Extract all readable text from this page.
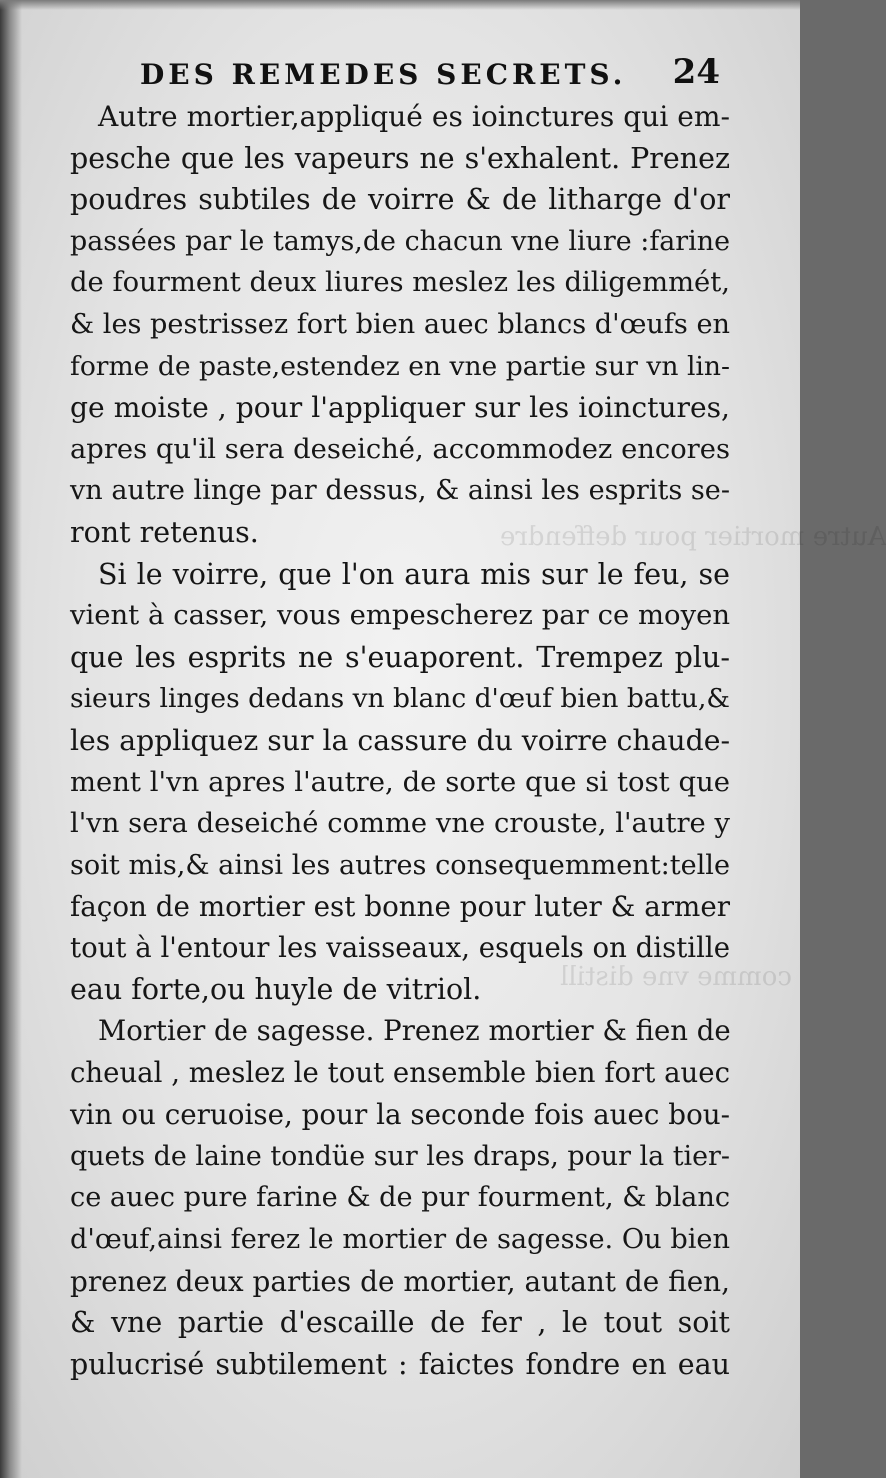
Autre mortier pour deffendre
comme vne distill
DES REMEDES SECRETS. 24

Autre mortier,appliqué es ioinctures qui em-
pesche que les vapeurs ne s'exhalent. Prenez
poudres subtiles de voirre & de litharge d'or
passées par le tamys,de chacun vne liure :farine
de fourment deux liures meslez les diligemmét,
& les pestrissez fort bien auec blancs d'œufs en
forme de paste,estendez en vne partie sur vn lin-
ge moiste , pour l'appliquer sur les ioinctures,
apres qu'il sera deseiché, accommodez encores
vn autre linge par dessus, & ainsi les esprits se-
ront retenus.

Si le voirre, que l'on aura mis sur le feu, se
vient à casser, vous empescherez par ce moyen
que les esprits ne s'euaporent. Trempez plu-
sieurs linges dedans vn blanc d'œuf bien battu,&
les appliquez sur la cassure du voirre chaude-
ment l'vn apres l'autre, de sorte que si tost que
l'vn sera deseiché comme vne crouste, l'autre y
soit mis,& ainsi les autres consequemment:telle
façon de mortier est bonne pour luter & armer
tout à l'entour les vaisseaux, esquels on distille
eau forte,ou huyle de vitriol.

Mortier de sagesse. Prenez mortier & fien de
cheual , meslez le tout ensemble bien fort auec
vin ou ceruoise, pour la seconde fois auec bou-
quets de laine tondüe sur les draps, pour la tier-
ce auec pure farine & de pur fourment, & blanc
d'œuf,ainsi ferez le mortier de sagesse. Ou bien
prenez deux parties de mortier, autant de fien,
& vne partie d'escaille de fer , le tout soit
pulucrisé subtilement : faictes fondre en eau
